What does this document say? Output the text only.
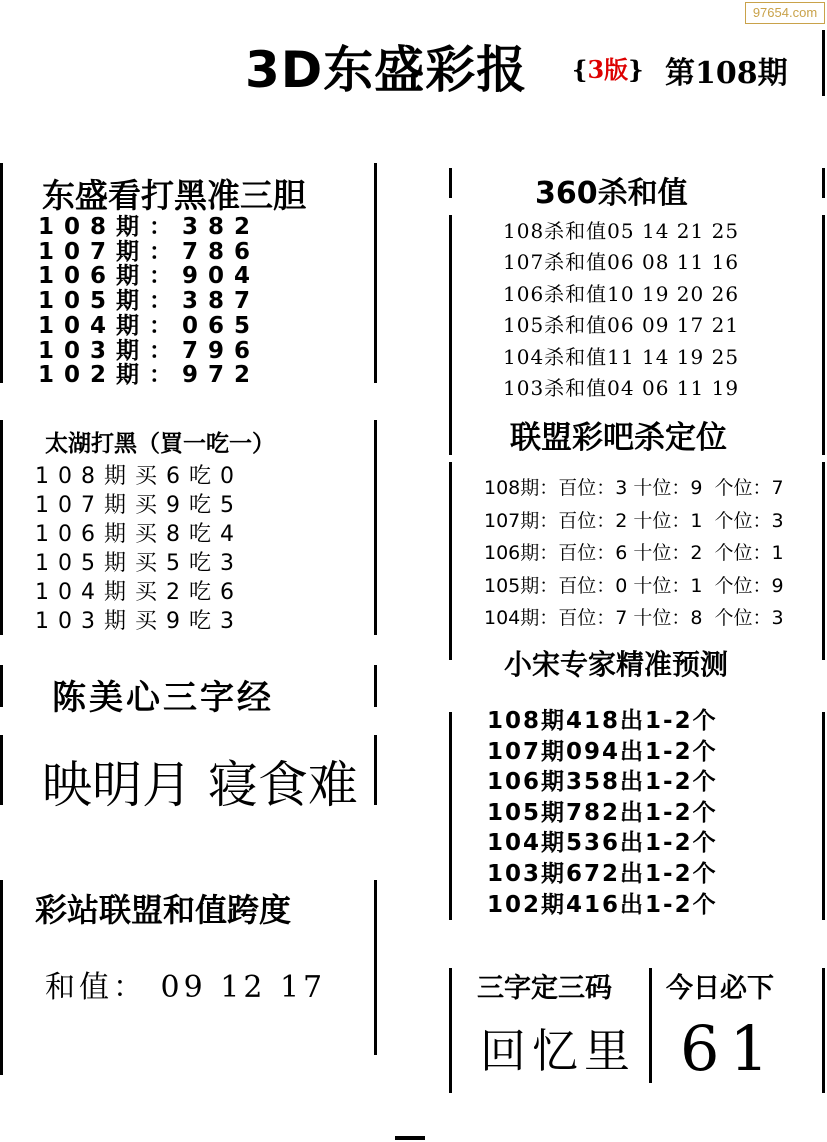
97654.com
3D东盛彩报 {3版} 第108期
东盛看打黑准三胆
108期：382
107期：786
106期：904
105期：387
104期：065
103期：796
102期：972
太湖打黑（買一吃一）
108期买6吃0
107期买9吃5
106期买8吃4
105期买5吃3
104期买2吃6
103期买9吃3
陈美心三字经
映明月 寝食难
彩站联盟和值跨度
和值： 09 12 17
360杀和值
108杀和值05 14 21 25
107杀和值06 08 11 16
106杀和值10 19 20 26
105杀和值06 09 17 21
104杀和值11 14 19 25
103杀和值04 06 11 19
联盟彩吧杀定位
108期：百位：3 十位：9  个位：7
107期：百位：2 十位：1  个位：3
106期：百位：6 十位：2  个位：1
105期：百位：0 十位：1  个位：9
104期：百位：7 十位：8  个位：3
小宋专家精准预测
108期418出1-2个
107期094出1-2个
106期358出1-2个
105期782出1-2个
104期536出1-2个
103期672出1-2个
102期416出1-2个
三字定三码
回忆里
今日必下
61
